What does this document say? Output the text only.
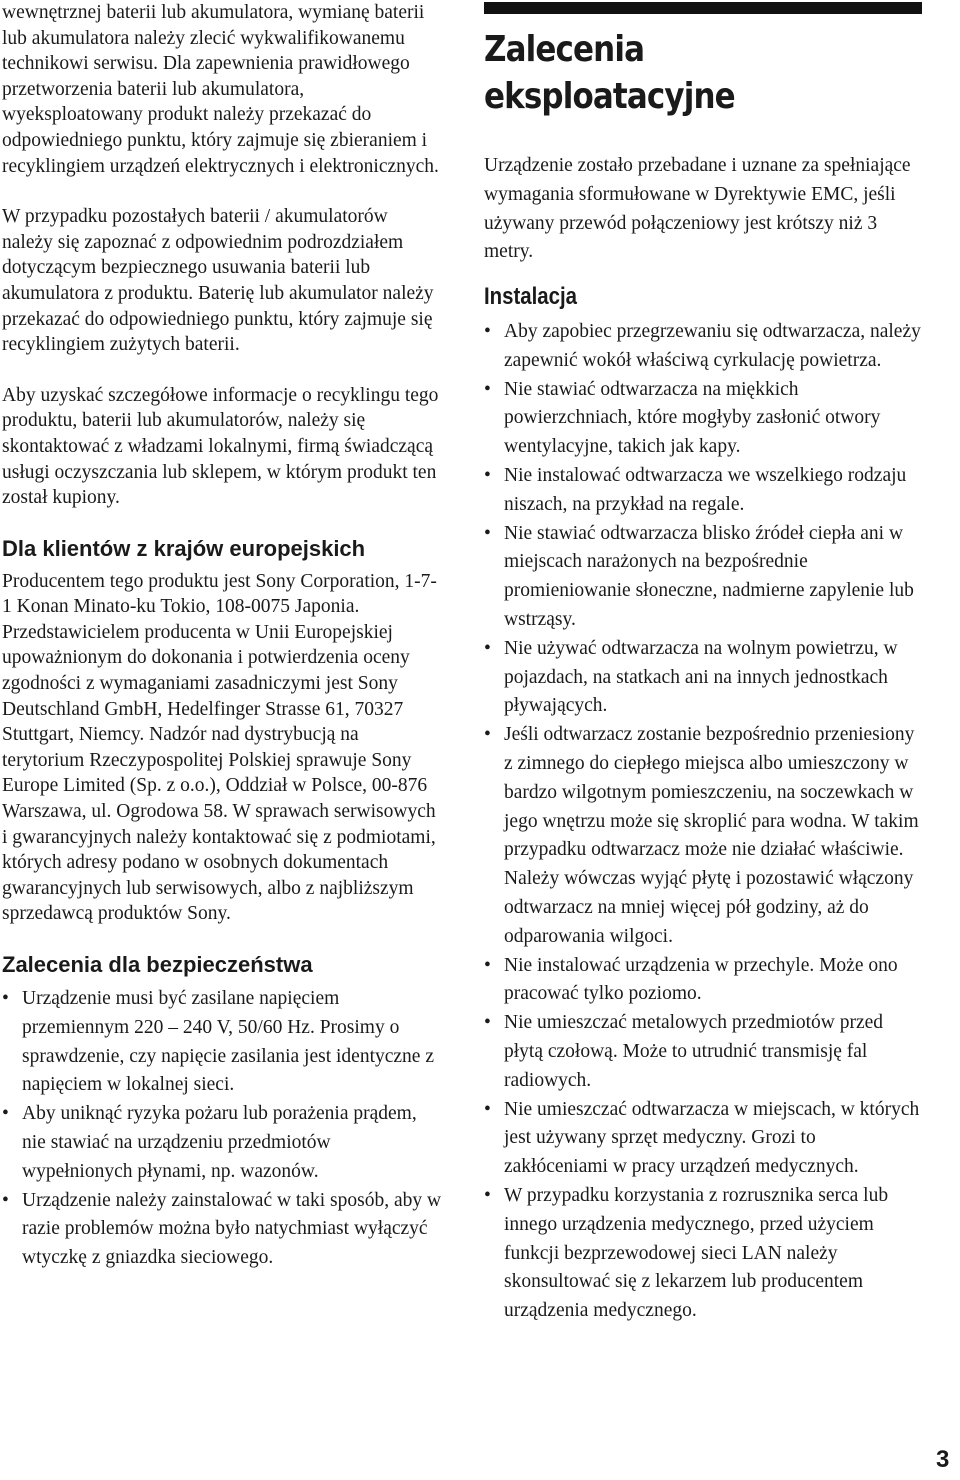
wewnętrznej baterii lub akumulatora, wymianę baterii lub akumulatora należy zlecić wykwalifikowanemu technikowi serwisu. Dla zapewnienia prawidłowego przetworzenia baterii lub akumulatora, wyeksploatowany produkt należy przekazać do odpowiedniego punktu, który zajmuje się zbieraniem i recyklingiem urządzeń elektrycznych i elektronicznych.

W przypadku pozostałych baterii / akumulatorów należy się zapoznać z odpowiednim podrozdziałem dotyczącym bezpiecznego usuwania baterii lub akumulatora z produktu. Baterię lub akumulator należy przekazać do odpowiedniego punktu, który zajmuje się recyklingiem zużytych baterii.

Aby uzyskać szczegółowe informacje o recyklingu tego produktu, baterii lub akumulatorów, należy się skontaktować z władzami lokalnymi, firmą świadczącą usługi oczyszczania lub sklepem, w którym produkt ten został kupiony.

Dla klientów z krajów europejskich

Producentem tego produktu jest Sony Corporation, 1-7-1 Konan Minato-ku Tokio, 108-0075 Japonia. Przedstawicielem producenta w Unii Europejskiej upoważnionym do dokonania i potwierdzenia oceny zgodności z wymaganiami zasadniczymi jest Sony Deutschland GmbH, Hedelfinger Strasse 61, 70327 Stuttgart, Niemcy. Nadzór nad dystrybucją na terytorium Rzeczypospolitej Polskiej sprawuje Sony Europe Limited (Sp. z o.o.), Oddział w Polsce, 00-876 Warszawa, ul. Ogrodowa 58. W sprawach serwisowych i gwarancyjnych należy kontaktować się z podmiotami, których adresy podano w osobnych dokumentach gwarancyjnych lub serwisowych, albo z najbliższym sprzedawcą produktów Sony.

Zalecenia dla bezpieczeństwa
• Urządzenie musi być zasilane napięciem przemiennym 220 – 240 V, 50/60 Hz. Prosimy o sprawdzenie, czy napięcie zasilania jest identyczne z napięciem w lokalnej sieci.
• Aby uniknąć ryzyka pożaru lub porażenia prądem, nie stawiać na urządzeniu przedmiotów wypełnionych płynami, np. wazonów.
• Urządzenie należy zainstalować w taki sposób, aby w razie problemów można było natychmiast wyłączyć wtyczkę z gniazdka sieciowego.
Zalecenia
eksploatacyjne

Urządzenie zostało przebadane i uznane za spełniające wymagania sformułowane w Dyrektywie EMC, jeśli używany przewód połączeniowy jest krótszy niż 3 metry.

Instalacja
• Aby zapobiec przegrzewaniu się odtwarzacza, należy zapewnić wokół właściwą cyrkulację powietrza.
• Nie stawiać odtwarzacza na miękkich powierzchniach, które mogłyby zasłonić otwory wentylacyjne, takich jak kapy.
• Nie instalować odtwarzacza we wszelkiego rodzaju niszach, na przykład na regale.
• Nie stawiać odtwarzacza blisko źródeł ciepła ani w miejscach narażonych na bezpośrednie promieniowanie słoneczne, nadmierne zapylenie lub wstrząsy.
• Nie używać odtwarzacza na wolnym powietrzu, w pojazdach, na statkach ani na innych jednostkach pływających.
• Jeśli odtwarzacz zostanie bezpośrednio przeniesiony z zimnego do ciepłego miejsca albo umieszczony w bardzo wilgotnym pomieszczeniu, na soczewkach w jego wnętrzu może się skroplić para wodna. W takim przypadku odtwarzacz może nie działać właściwie. Należy wówczas wyjąć płytę i pozostawić włączony odtwarzacz na mniej więcej pół godziny, aż do odparowania wilgoci.
• Nie instalować urządzenia w przechyle. Może ono pracować tylko poziomo.
• Nie umieszczać metalowych przedmiotów przed płytą czołową. Może to utrudnić transmisję fal radiowych.
• Nie umieszczać odtwarzacza w miejscach, w których jest używany sprzęt medyczny. Grozi to zakłóceniami w pracy urządzeń medycznych.
• W przypadku korzystania z rozrusznika serca lub innego urządzenia medycznego, przed użyciem funkcji bezprzewodowej sieci LAN należy skonsultować się z lekarzem lub producentem urządzenia medycznego.
3
